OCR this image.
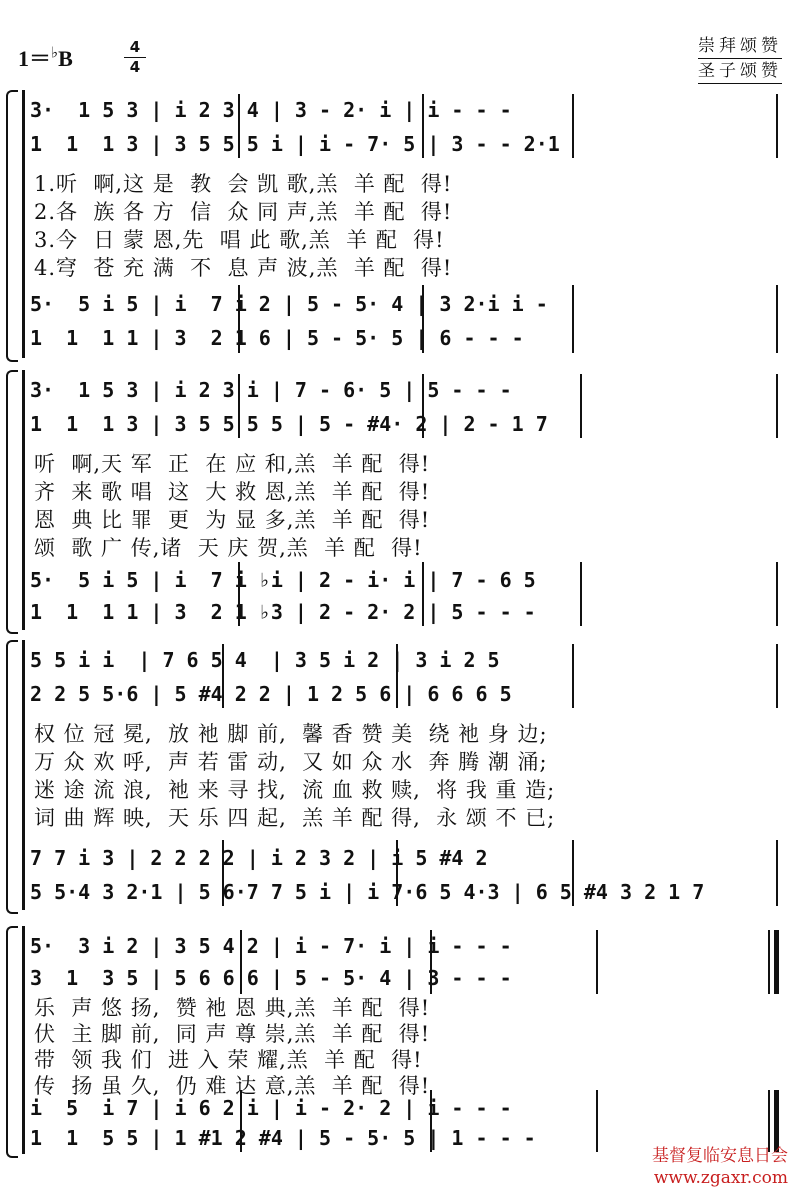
1＝♭B	4
4
崇拜颂赞
圣子颂赞
3·  1 5 3 | i 2 3 4 | 3 - 2· i | i - - -
1  1  1 3 | 3 5 5 5 i | i - 7· 5 | 3 - - 2·1
1.听  啊,这 是  教  会 凯 歌,羔  羊 配  得!
2.各  族 各 方  信  众 同 声,羔  羊 配  得!
3.今  日 蒙 恩,先  唱 此 歌,羔  羊 配  得!
4.穹  苍 充 满  不  息 声 波,羔  羊 配  得!
5·  5 i 5 | i  7 i 2 | 5 - 5· 4 | 3 2·i i -
1  1  1 1 | 3  2 1 6 | 5 - 5· 5 | 6 - - -
3·  1 5 3 | i 2 3 i | 7 - 6· 5 | 5 - - -
1  1  1 3 | 3 5 5 5 5 | 5 - #4· 2 | 2 - 1 7
听  啊,天 军  正  在 应 和,羔  羊 配  得!
齐  来 歌 唱  这  大 救 恩,羔  羊 配  得!
恩  典 比 罪  更  为 显 多,羔  羊 配  得!
颂  歌 广 传,诸  天 庆 贺,羔  羊 配  得!
5·  5 i 5 | i  7 i ♭i | 2 - i· i | 7 - 6 5
1  1  1 1 | 3  2 1 ♭3 | 2 - 2· 2 | 5 - - -
5 5 i i  | 7 6 5 4  | 3 5 i 2 | 3 i 2 5
2 2 5 5·6 | 5 #4 2 2 | 1 2 5 6 | 6 6 6 5
权 位 冠 冕,  放 衪 脚 前,  馨 香 赞 美  绕 衪 身 边;
万 众 欢 呼,  声 若 雷 动,  又 如 众 水  奔 腾 潮 涌;
迷 途 流 浪,  衪 来 寻 找,  流 血 救 赎,  将 我 重 造;
词 曲 辉 映,  天 乐 四 起,  羔 羊 配 得,  永 颂 不 已;
7 7 i 3 | 2 2 2 2 | i 2 3 2 | i 5 #4 2
5 5·4 3 2·1 | 5 6·7 7 5 i | i 7·6 5 4·3 | 6 5 #4 3 2 1 7
5·  3 i 2 | 3 5 4 2 | i - 7· i | i - - -
3  1  3 5 | 5 6 6 6 | 5 - 5· 4 | 3 - - -
乐  声 悠 扬,  赞 衪 恩 典,羔  羊 配  得!
伏  主 脚 前,  同 声 尊 崇,羔  羊 配  得!
带  领 我 们  进 入 荣 耀,羔  羊 配  得!
传  扬 虽 久,  仍 难 达 意,羔  羊 配  得!
i  5  i 7 | i 6 2 i | i - 2· 2 | i - - -
1  1  5 5 | 1 #1 2 #4 | 5 - 5· 5 | 1 - - -
基督复临安息日会
www.zgaxr.com
